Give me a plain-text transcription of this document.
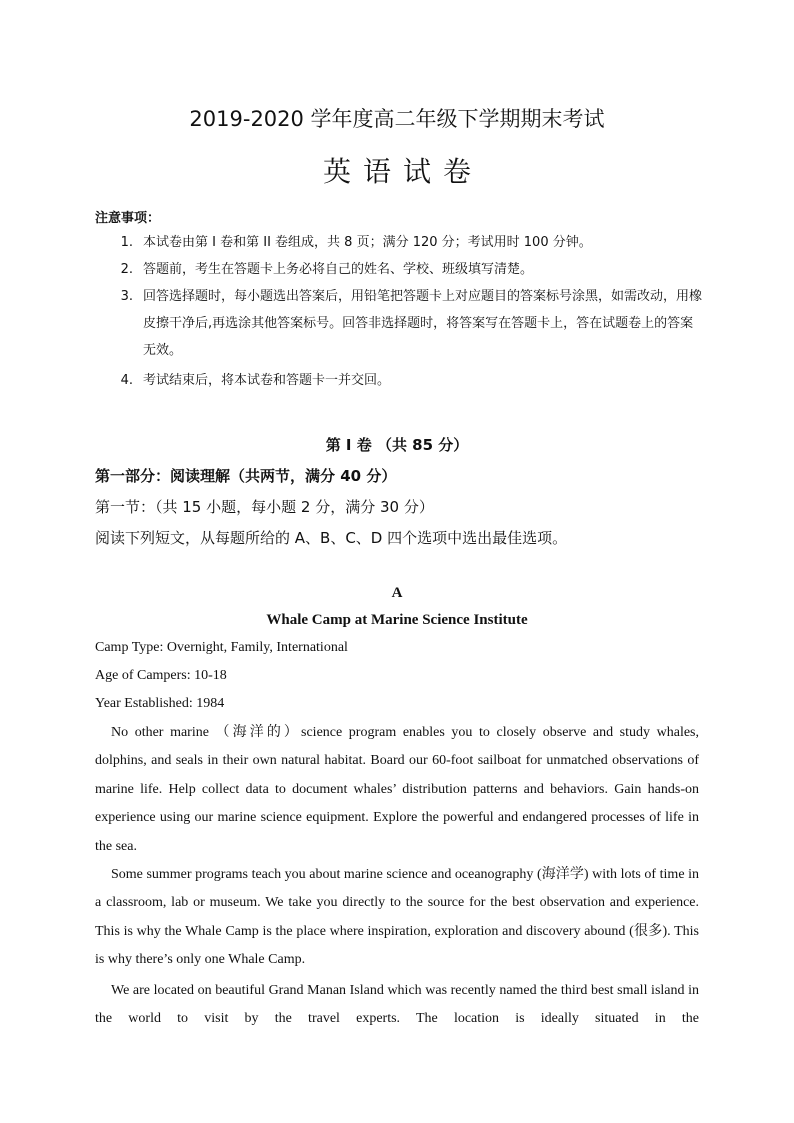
2019-2020 学年度高二年级下学期期末考试
英语试卷
注意事项：
1. 本试卷由第 I 卷和第 II 卷组成，共 8 页；满分 120 分；考试用时 100 分钟。
2. 答题前，考生在答题卡上务必将自己的姓名、学校、班级填写清楚。
3. 回答选择题时，每小题选出答案后，用铅笔把答题卡上对应题目的答案标号涂黑，如需改动，用橡皮擦干净后,再选涂其他答案标号。回答非选择题时，将答案写在答题卡上，答在试题卷上的答案无效。
4. 考试结束后，将本试卷和答题卡一并交回。
第 I 卷 （共 85 分）
第一部分：阅读理解（共两节，满分 40 分）
第一节：（共 15 小题，每小题 2 分，满分 30 分）
阅读下列短文，从每题所给的 A、B、C、D 四个选项中选出最佳选项。
A
Whale Camp at Marine Science Institute
Camp Type: Overnight, Family, International
Age of Campers: 10-18
Year Established: 1984
No other marine （海洋的）science program enables you to closely observe and study whales, dolphins, and seals in their own natural habitat. Board our 60-foot sailboat for unmatched observations of marine life. Help collect data to document whales’ distribution patterns and behaviors. Gain hands-on experience using our marine science equipment. Explore the powerful and endangered processes of life in the sea.
Some summer programs teach you about marine science and oceanography (海洋学) with lots of time in a classroom, lab or museum. We take you directly to the source for the best observation and experience. This is why the Whale Camp is the place where inspiration, exploration and discovery abound (很多). This is why there’s only one Whale Camp.
We are located on beautiful Grand Manan Island which was recently named the third best small island in the world to visit by the travel experts. The location is ideally situated in the
